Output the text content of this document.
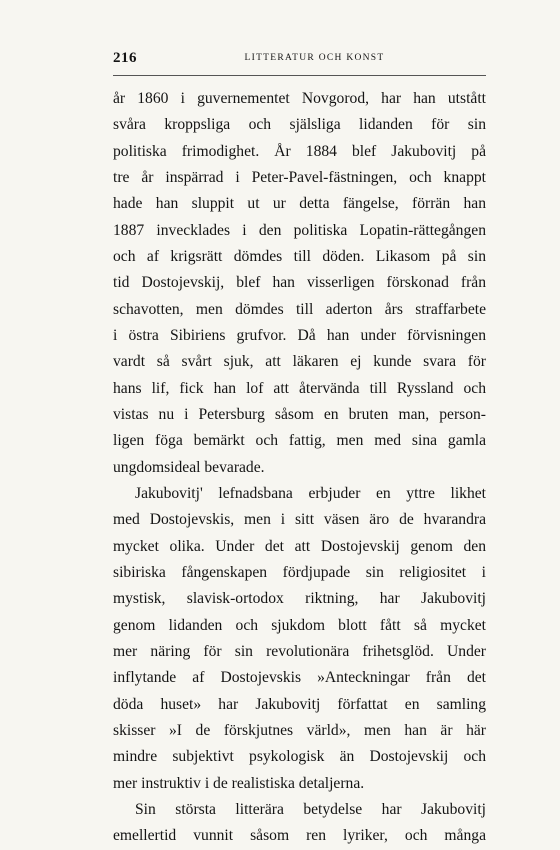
216	LITTERATUR OCH KONST
år 1860 i guvernementet Novgorod, har han utstått
svåra kroppsliga och själsliga lidanden för sin
politiska frimodighet. År 1884 blef Jakubovitj på
tre år inspärrad i Peter-Pavel-fästningen, och knappt
hade han sluppit ut ur detta fängelse, förrän han
1887 invecklades i den politiska Lopatin-rättegången
och af krigsrätt dömdes till döden. Likasom på sin
tid Dostojevskij, blef han visserligen förskonad från
schavotten, men dömdes till aderton års straffarbete
i östra Sibiriens grufvor. Då han under förvisningen
vardt så svårt sjuk, att läkaren ej kunde svara för
hans lif, fick han lof att återvända till Ryssland och
vistas nu i Petersburg såsom en bruten man, person-
ligen föga bemärkt och fattig, men med sina gamla
ungdomsideal bevarade.
Jakubovitj' lefnadsbana erbjuder en yttre likhet
med Dostojevskis, men i sitt väsen äro de hvarandra
mycket olika. Under det att Dostojevskij genom den
sibiriska fångenskapen fördjupade sin religiositet i
mystisk, slavisk-ortodox riktning, har Jakubovitj
genom lidanden och sjukdom blott fått så mycket
mer näring för sin revolutionära frihetsglöd. Under
inflytande af Dostojevskis »Anteckningar från det
döda huset» har Jakubovitj författat en samling
skisser »I de förskjutnes värld», men han är här
mindre subjektivt psykologisk än Dostojevskij och
mer instruktiv i de realistiska detaljerna.
Sin största litterära betydelse har Jakubovitj
emellertid vunnit såsom ren lyriker, och många
